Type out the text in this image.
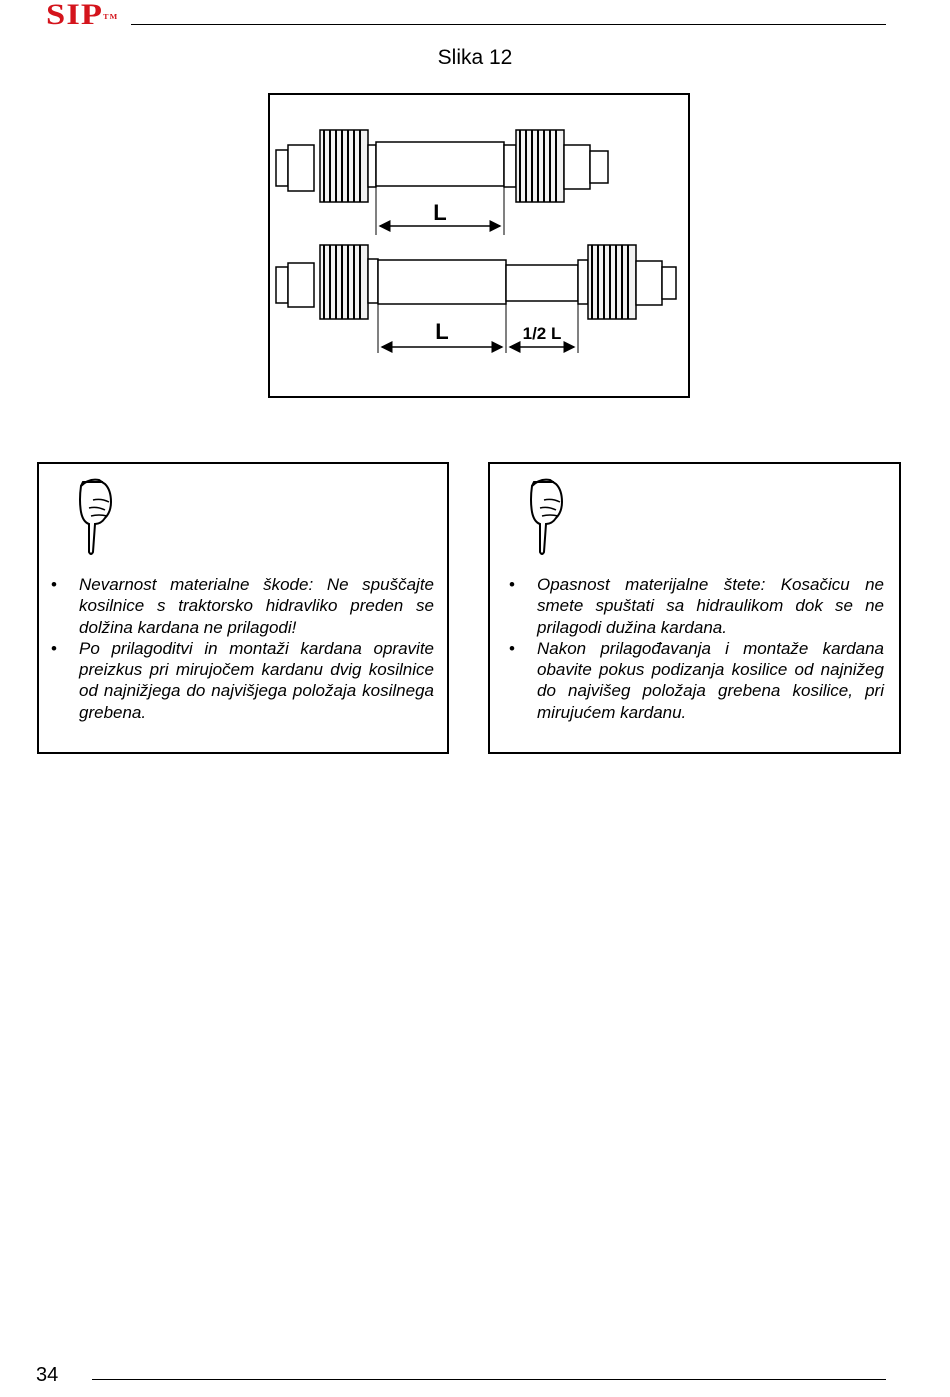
SIP™
Slika 12
L
L	1/2 L
• Nevarnost materialne škode: Ne spuščajte kosilnice s traktorsko hidravliko preden se dolžina kardana ne prilagodi!
• Po prilagoditvi in montaži kardana opravite preizkus pri mirujočem kardanu dvig kosilnice od najnižjega do najvišjega položaja kosilnega grebena.
• Opasnost materijalne štete: Kosačicu ne smete spuštati sa hidraulikom dok se ne prilagodi dužina kardana.
• Nakon prilagođavanja i montaže kardana obavite pokus podizanja kosilice od najnižeg do najvišeg položaja grebena kosilice, pri mirujućem kardanu.
34
